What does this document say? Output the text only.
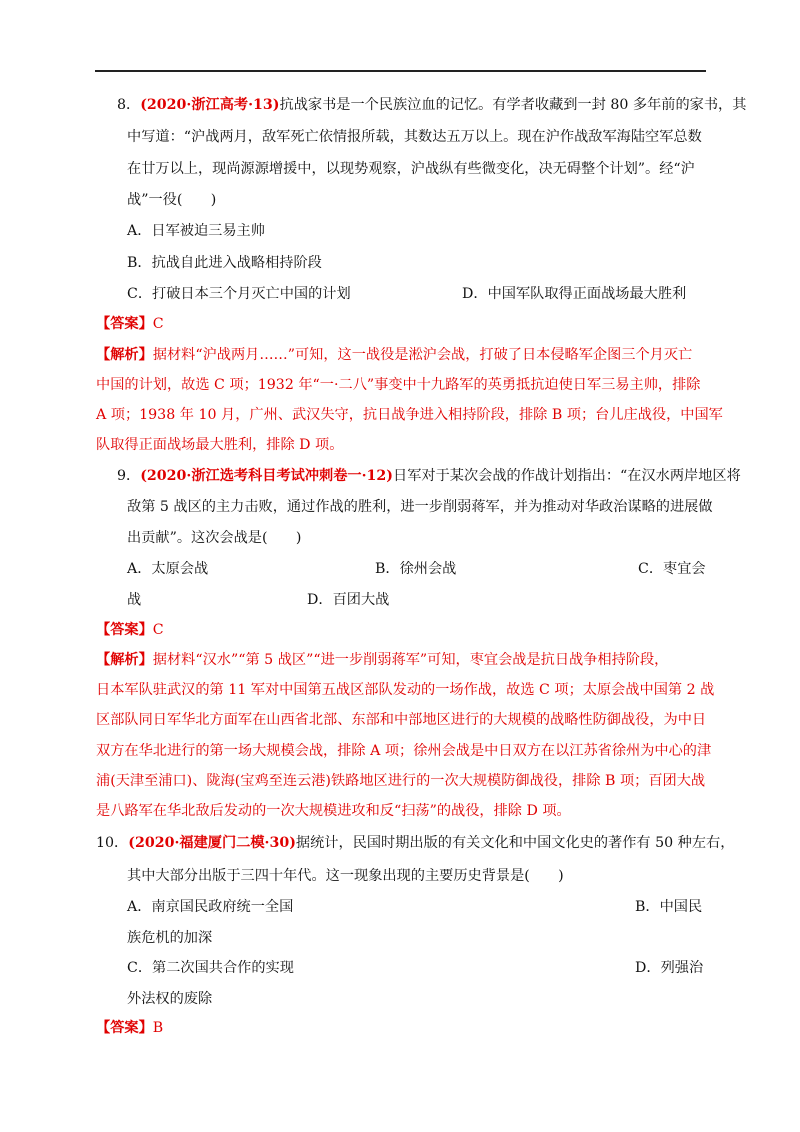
8．(2020·浙江高考·13)抗战家书是一个民族泣血的记忆。有学者收藏到一封 80 多年前的家书，其
中写道：“沪战两月，敌军死亡依情报所载，其数达五万以上。现在沪作战敌军海陆空军总数
在廿万以上，现尚源源增援中，以现势观察，沪战纵有些微变化，决无碍整个计划”。经“沪
战”一役(　　)
A．日军被迫三易主帅
B．抗战自此进入战略相持阶段
C．打破日本三个月灭亡中国的计划	D．中国军队取得正面战场最大胜利
【答案】C
【解析】据材料“沪战两月……”可知，这一战役是淞沪会战，打破了日本侵略军企图三个月灭亡
中国的计划，故选 C 项；1932 年“一·二八”事变中十九路军的英勇抵抗迫使日军三易主帅，排除
A 项；1938 年 10 月，广州、武汉失守，抗日战争进入相持阶段，排除 B 项；台儿庄战役，中国军
队取得正面战场最大胜利，排除 D 项。
9．(2020·浙江选考科目考试冲刺卷一·12)日军对于某次会战的作战计划指出：“在汉水两岸地区将
敌第 5 战区的主力击败，通过作战的胜利，进一步削弱蒋军，并为推动对华政治谋略的进展做
出贡献”。这次会战是(　　)
A．太原会战	B．徐州会战	C．枣宜会
战	D．百团大战
【答案】C
【解析】据材料“汉水”“第 5 战区”“进一步削弱蒋军”可知，枣宜会战是抗日战争相持阶段，
日本军队驻武汉的第 11 军对中国第五战区部队发动的一场作战，故选 C 项；太原会战中国第 2 战
区部队同日军华北方面军在山西省北部、东部和中部地区进行的大规模的战略性防御战役，为中日
双方在华北进行的第一场大规模会战，排除 A 项；徐州会战是中日双方在以江苏省徐州为中心的津
浦(天津至浦口)、陇海(宝鸡至连云港)铁路地区进行的一次大规模防御战役，排除 B 项；百团大战
是八路军在华北敌后发动的一次大规模进攻和反“扫荡”的战役，排除 D 项。
10．(2020·福建厦门二模·30)据统计，民国时期出版的有关文化和中国文化史的著作有 50 种左右，
其中大部分出版于三四十年代。这一现象出现的主要历史背景是(　　)
A．南京国民政府统一全国	B．中国民
族危机的加深
C．第二次国共合作的实现	D．列强治
外法权的废除
【答案】B
